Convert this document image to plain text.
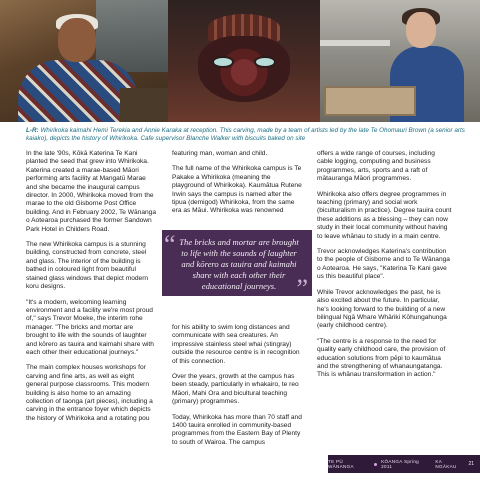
L-R: Whirikoka kaimahi Hemi Terekia and Annie Karaka at reception. This carving, made by a team of artists led by the late Te Ohomauri Brown (a senior arts kaiako), depicts the history of Whirikoka. Cafe supervisor Blanche Walker with biscuits baked on site

In the late '90s, Kōkā Katerina Te Kani planted the seed that grew into Whirikoka. Katerina created a marae-based Māori performing arts facility at Mangatū Marae and she became the inaugural campus director. In 2000, Whirikoka moved from the marae to the old Gisborne Post Office building. And in February 2002, Te Wānanga o Aotearoa purchased the former Sandown Park Hotel in Childers Road.

The new Whirikoka campus is a stunning building, constructed from concrete, steel and glass. The interior of the building is bathed in coloured light from beautiful stained glass windows that depict modern koru designs.

"It's a modern, welcoming learning environment and a facility we're most proud of," says Trevor Moeke, the interim rohe manager. "The bricks and mortar are brought to life with the sounds of laughter and kōrero as tauira and kaimahi share with each other their educational journeys."

The main complex houses workshops for carving and fine arts, as well as eight general purpose classrooms. This modern building is also home to an amazing collection of taonga (art pieces), including a carving in the entrance foyer which depicts the history of Whirikoka and a rotating pou

featuring man, woman and child.

The full name of the Whirikoka campus is Te Pakake a Whirikoka (meaning the playground of Whirikoka). Kaumātua Rutene Irwin says the campus is named after the tipua (demigod) Whirikoka, from the same era as Māui. Whirikoka was renowned

“ The bricks and mortar are brought to life with the sounds of laughter and kōrero as tauira and kaimahi share with each other their educational journeys. ”

for his ability to swim long distances and communicate with sea creatures. An impressive stainless steel whai (stingray) outside the resource centre is in recognition of this connection.

Over the years, growth at the campus has been steady, particularly in whakairo, te reo Māori, Mahi Ora and bicultural teaching (primary) programmes.

Today, Whirikoka has more than 70 staff and 1400 tauira enrolled in community-based programmes from the Eastern Bay of Plenty to south of Wairoa. The campus

offers a wide range of courses, including cable logging, computing and business programmes, arts, sports and a raft of mātauranga Māori programmes.

Whirikoka also offers degree programmes in teaching (primary) and social work (biculturalism in practice). Degree tauira count these additions as a blessing – they can now study in their local community without having to leave whānau to study in a main centre.

Trevor acknowledges Katerina's contribution to the people of Gisborne and to Te Wānanga o Aotearoa. He says, "Katerina Te Kani gave us this beautiful place".

While Trevor acknowledges the past, he is also excited about the future. In particular, he's looking forward to the building of a new bilingual Ngā Whare Whāriki Kōhungahunga (early childhood centre).

"The centre is a response to the need for quality early childhood care, the provision of education solutions from pēpi to kaumātua and the strengthening of whanaungatanga. This is whānau transformation in action."

TE PŪ WĀNANGA
KŌANGA Spring 2011
KA NGĀKAU	21
